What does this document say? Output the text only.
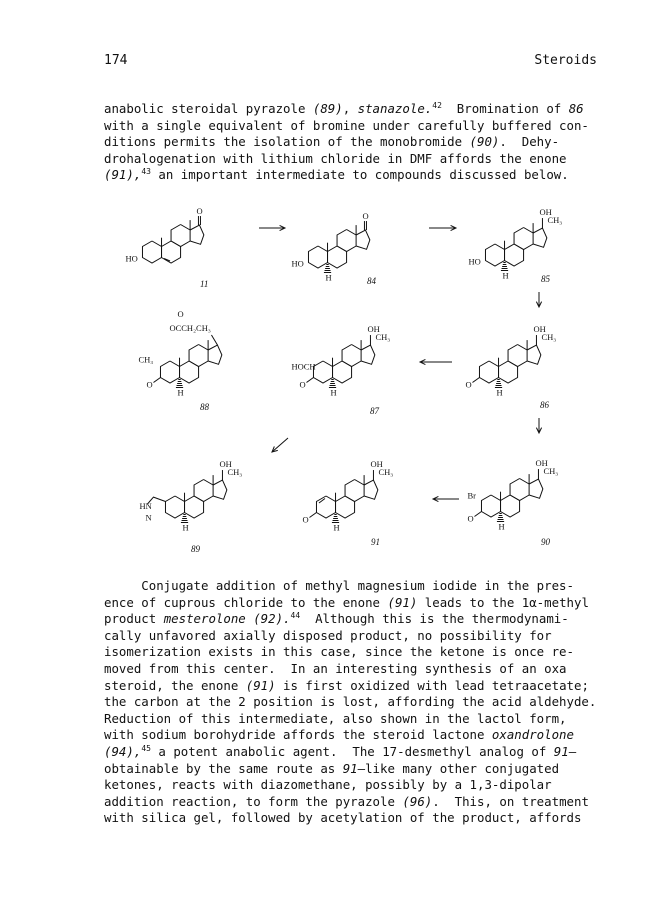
174	Steroids

anabolic steroidal pyrazole (89), stanazole.$^{42}$  Bromination of 86

with a single equivalent of bromine under carefully buffered con-

ditions permits the isolation of the monobromide (90).  Dehy-

drohalogenation with lithium chloride in DMF affords the enone

(91),$^{43}$ an important intermediate to compounds discussed below.

O
HO
11
O
HO
H	84
OH
CH₃
HO
H	85
O
H
O
OCCH₂CH₃
CH₃
88
OH
CH₃
O
H
HOCH
87
OH
CH₃
O
H
86
OH
CH₃
H
HN
N
89
OH
CH₃
O
H
91
OH
CH₃
O
H
Br
90

Conjugate addition of methyl magnesium iodide in the pres-

ence of cuprous chloride to the enone (91) leads to the 1α-methyl

product mesterolone (92).$^{44}$  Although this is the thermodynami-

cally unfavored axially disposed product, no possibility for

isomerization exists in this case, since the ketone is once re-

moved from this center.  In an interesting synthesis of an oxa

steroid, the enone (91) is first oxidized with lead tetraacetate;

the carbon at the 2 position is lost, affording the acid aldehyde.

Reduction of this intermediate, also shown in the lactol form,

with sodium borohydride affords the steroid lactone oxandrolone

(94),$^{45}$ a potent anabolic agent.  The 17-desmethyl analog of 91—

obtainable by the same route as 91—like many other conjugated

ketones, reacts with diazomethane, possibly by a 1,3-dipolar

addition reaction, to form the pyrazole (96).  This, on treatment

with silica gel, followed by acetylation of the product, affords
